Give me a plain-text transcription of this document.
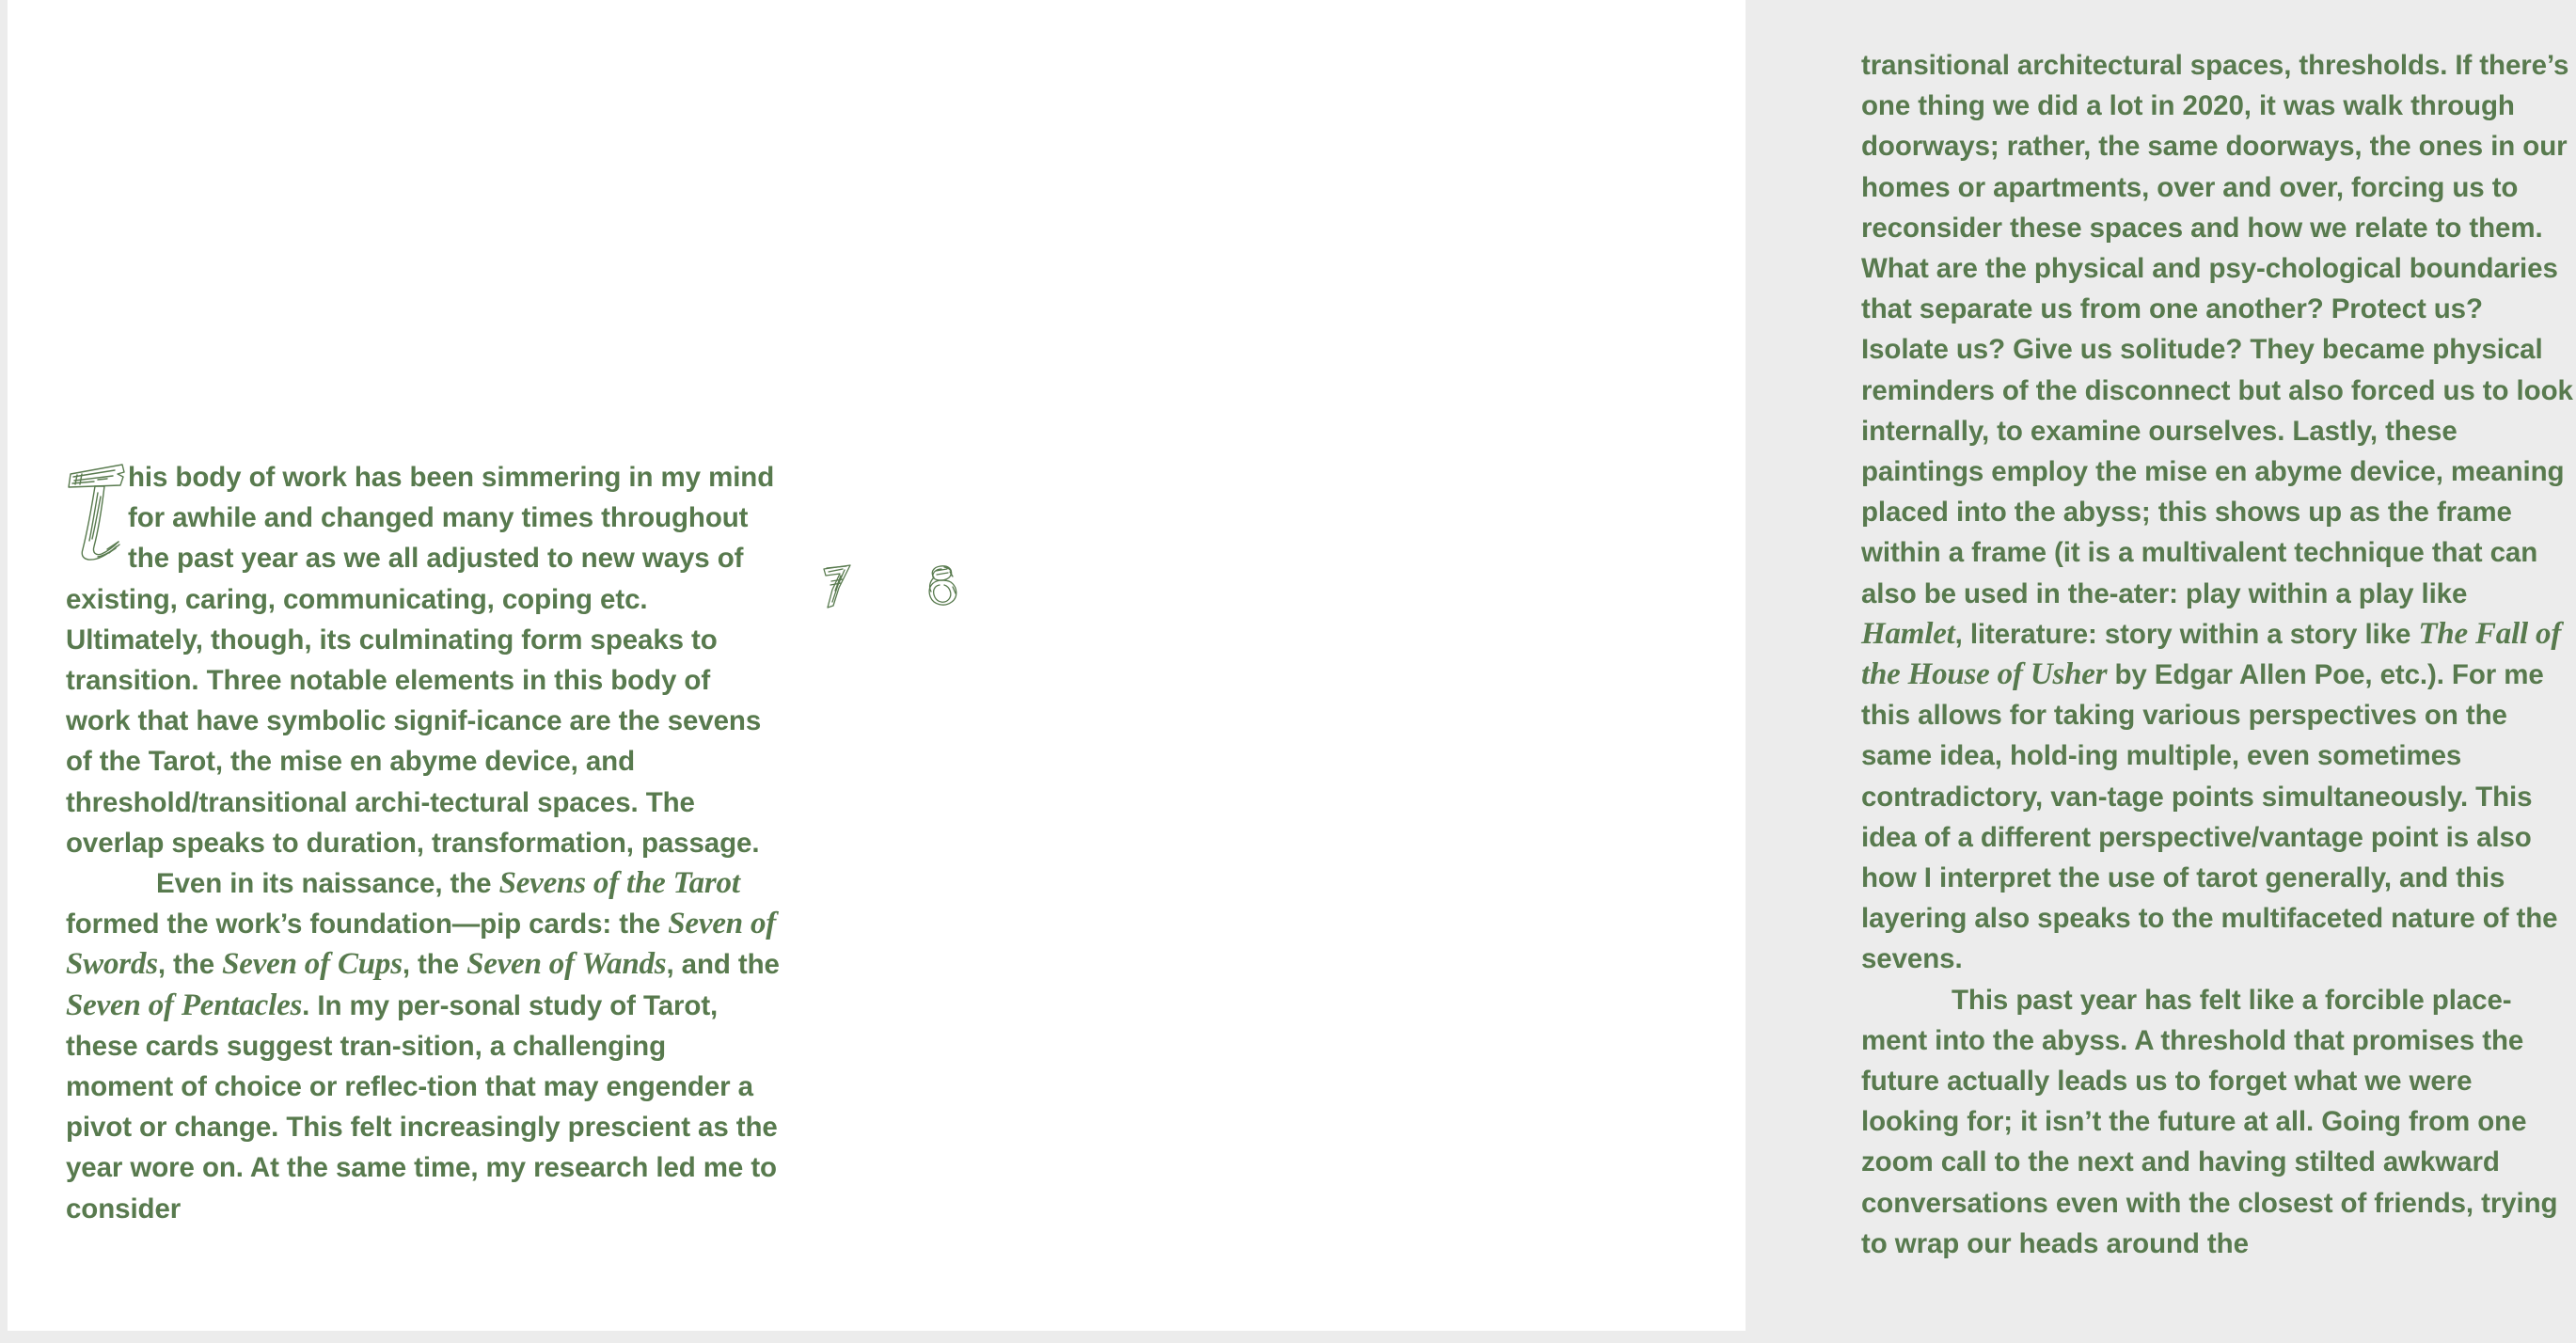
his body of work has been simmering in my mind for awhile and changed many times throughout the past year as we all adjusted to new ways of existing, caring, communicating, coping etc. Ultimately, though, its culminating form speaks to transition. Three notable elements in this body of work that have symbolic signif-icance are the sevens of the Tarot, the mise en abyme device, and threshold/transitional archi-tectural spaces. The overlap speaks to duration, transformation, passage.

Even in its naissance, the Sevens of the Tarot formed the work’s foundation—pip cards: the Seven of Swords, the Seven of Cups, the Seven of Wands, and the Seven of Pentacles. In my per-sonal study of Tarot, these cards suggest tran-sition, a challenging moment of choice or reflec-tion that may engender a pivot or change. This felt increasingly prescient as the year wore on. At the same time, my research led me to consider

transitional architectural spaces, thresholds. If there’s one thing we did a lot in 2020, it was walk through doorways; rather, the same doorways, the ones in our homes or apartments, over and over, forcing us to reconsider these spaces and how we relate to them. What are the physical and psy-chological boundaries that separate us from one another? Protect us? Isolate us? Give us solitude? They became physical reminders of the disconnect but also forced us to look internally, to examine ourselves. Lastly, these paintings employ the mise en abyme device, meaning placed into the abyss; this shows up as the frame within a frame (it is a multivalent technique that can also be used in the-ater: play within a play like Hamlet, literature: story within a story like The Fall of the House of Usher by Edgar Allen Poe, etc.). For me this allows for taking various perspectives on the same idea, hold-ing multiple, even sometimes contradictory, van-tage points simultaneously. This idea of a different perspective/vantage point is also how I interpret the use of tarot generally, and this layering also speaks to the multifaceted nature of the sevens.

This past year has felt like a forcible place-ment into the abyss. A threshold that promises the future actually leads us to forget what we were looking for; it isn’t the future at all. Going from one zoom call to the next and having stilted awkward conversations even with the closest of friends, trying to wrap our heads around the
